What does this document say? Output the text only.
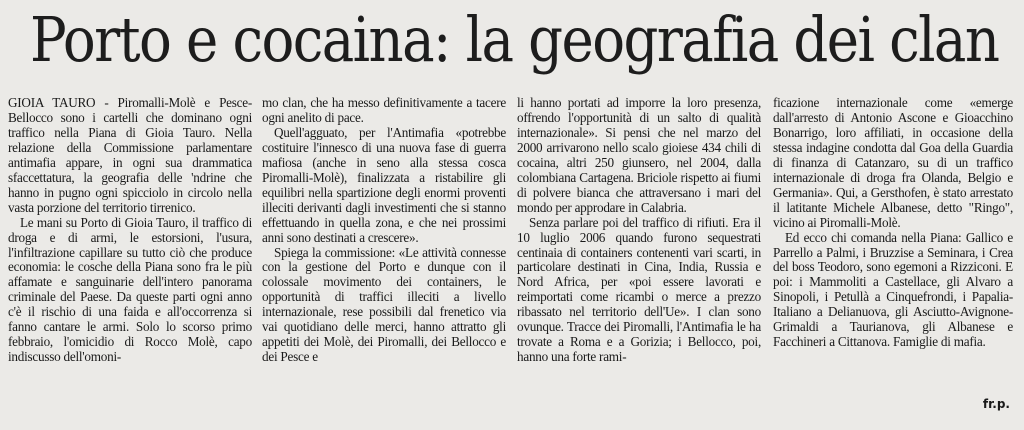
Porto e cocaina: la geografia dei clan

GIOIA TAURO - Piromalli-Molè e Pesce-Bellocco sono i cartelli che dominano ogni traffico nella Piana di Gioia Tauro. Nella relazione della Commissione parlamentare antimafia appare, in ogni sua drammatica sfaccettatura, la geografia delle 'ndrine che hanno in pugno ogni spicciolo in circolo nella vasta porzione del territorio tirrenico.

Le mani su Porto di Gioia Tauro, il traffico di droga e di armi, le estorsioni, l'usura, l'infiltrazione capillare su tutto ciò che produce economia: le cosche della Piana sono fra le più affamate e sanguinarie dell'intero panorama criminale del Paese. Da queste parti ogni anno c'è il rischio di una faida e all'occorrenza si fanno cantare le armi. Solo lo scorso primo febbraio, l'omicidio di Rocco Molè, capo indiscusso dell'omoni-

mo clan, che ha messo definitivamente a tacere ogni anelito di pace.

Quell'agguato, per l'Antimafia «potrebbe costituire l'innesco di una nuova fase di guerra mafiosa (anche in seno alla stessa cosca Piromalli-Molè), finalizzata a ristabilire gli equilibri nella spartizione degli enormi proventi illeciti derivanti dagli investimenti che si stanno effettuando in quella zona, e che nei prossimi anni sono destinati a crescere».

Spiega la commissione: «Le attività connesse con la gestione del Porto e dunque con il colossale movimento dei containers, le opportunità di traffici illeciti a livello internazionale, rese possibili dal frenetico via vai quotidiano delle merci, hanno attratto gli appetiti dei Molè, dei Piromalli, dei Bellocco e dei Pesce e

li hanno portati ad imporre la loro presenza, offrendo l'opportunità di un salto di qualità internazionale». Si pensi che nel marzo del 2000 arrivarono nello scalo gioiese 434 chili di cocaina, altri 250 giunsero, nel 2004, dalla colombiana Cartagena. Briciole rispetto ai fiumi di polvere bianca che attraversano i mari del mondo per approdare in Calabria.

Senza parlare poi del traffico di rifiuti. Era il 10 luglio 2006 quando furono sequestrati centinaia di containers contenenti vari scarti, in particolare destinati in Cina, India, Russia e Nord Africa, per «poi essere lavorati e reimportati come ricambi o merce a prezzo ribassato nel territorio dell'Ue». I clan sono ovunque. Tracce dei Piromalli, l'Antimafia le ha trovate a Roma e a Gorizia; i Bellocco, poi, hanno una forte rami-

ficazione internazionale come «emerge dall'arresto di Antonio Ascone e Gioacchino Bonarrigo, loro affiliati, in occasione della stessa indagine condotta dal Goa della Guardia di finanza di Catanzaro, su di un traffico internazionale di droga fra Olanda, Belgio e Germania». Qui, a Gersthofen, è stato arrestato il latitante Michele Albanese, detto "Ringo", vicino ai Piromalli-Molè.

Ed ecco chi comanda nella Piana: Gallico e Parrello a Palmi, i Bruzzise a Seminara, i Crea del boss Teodoro, sono egemoni a Rizziconi. E poi: i Mammoliti a Castellace, gli Alvaro a Sinopoli, i Petullà a Cinquefrondi, i Papalia-Italiano a Delianuova, gli Asciutto-Avignone-Grimaldi a Taurianova, gli Albanese e Facchineri a Cittanova. Famiglie di mafia.

fr.p.
